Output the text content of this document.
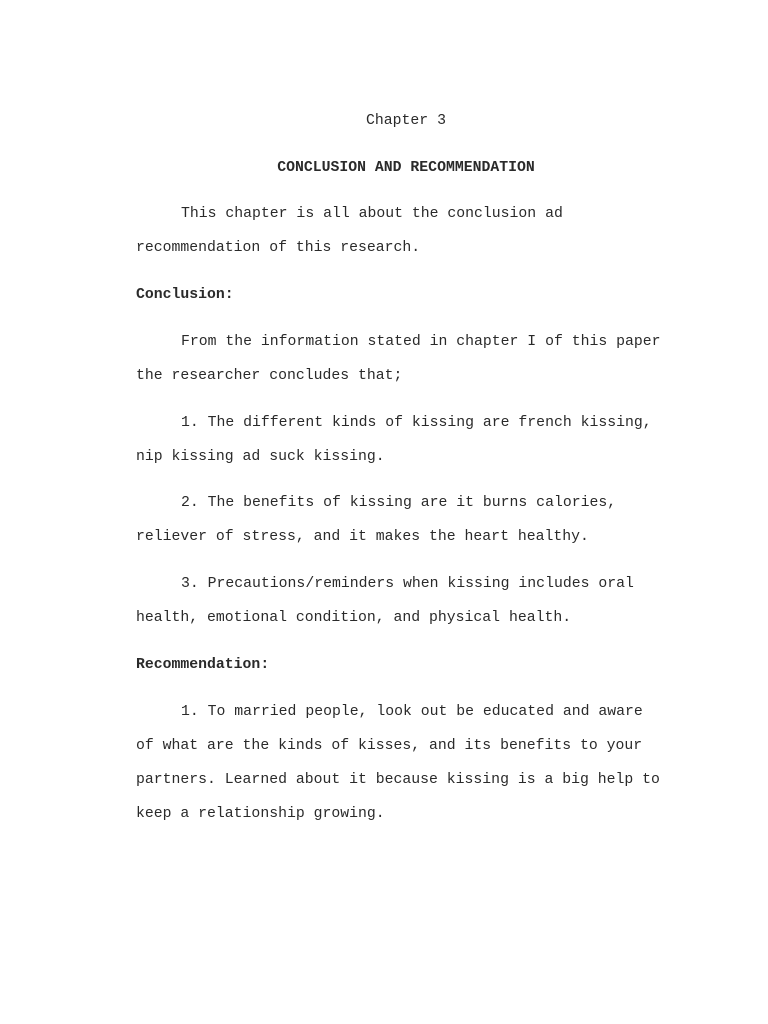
Chapter 3
CONCLUSION AND RECOMMENDATION
This chapter is all about the conclusion ad
recommendation of this research.
Conclusion:
From the information stated in chapter I of this paper
the researcher concludes that;
1. The different kinds of kissing are french kissing,
nip kissing ad suck kissing.
2. The benefits of kissing are it burns calories,
reliever of stress, and it makes the heart healthy.
3. Precautions/reminders when kissing includes oral
health, emotional condition, and physical health.
Recommendation:
1. To married people, look out be educated and aware
of what are the kinds of kisses, and its benefits to your
partners. Learned about it because kissing is a big help to
keep a relationship growing.
